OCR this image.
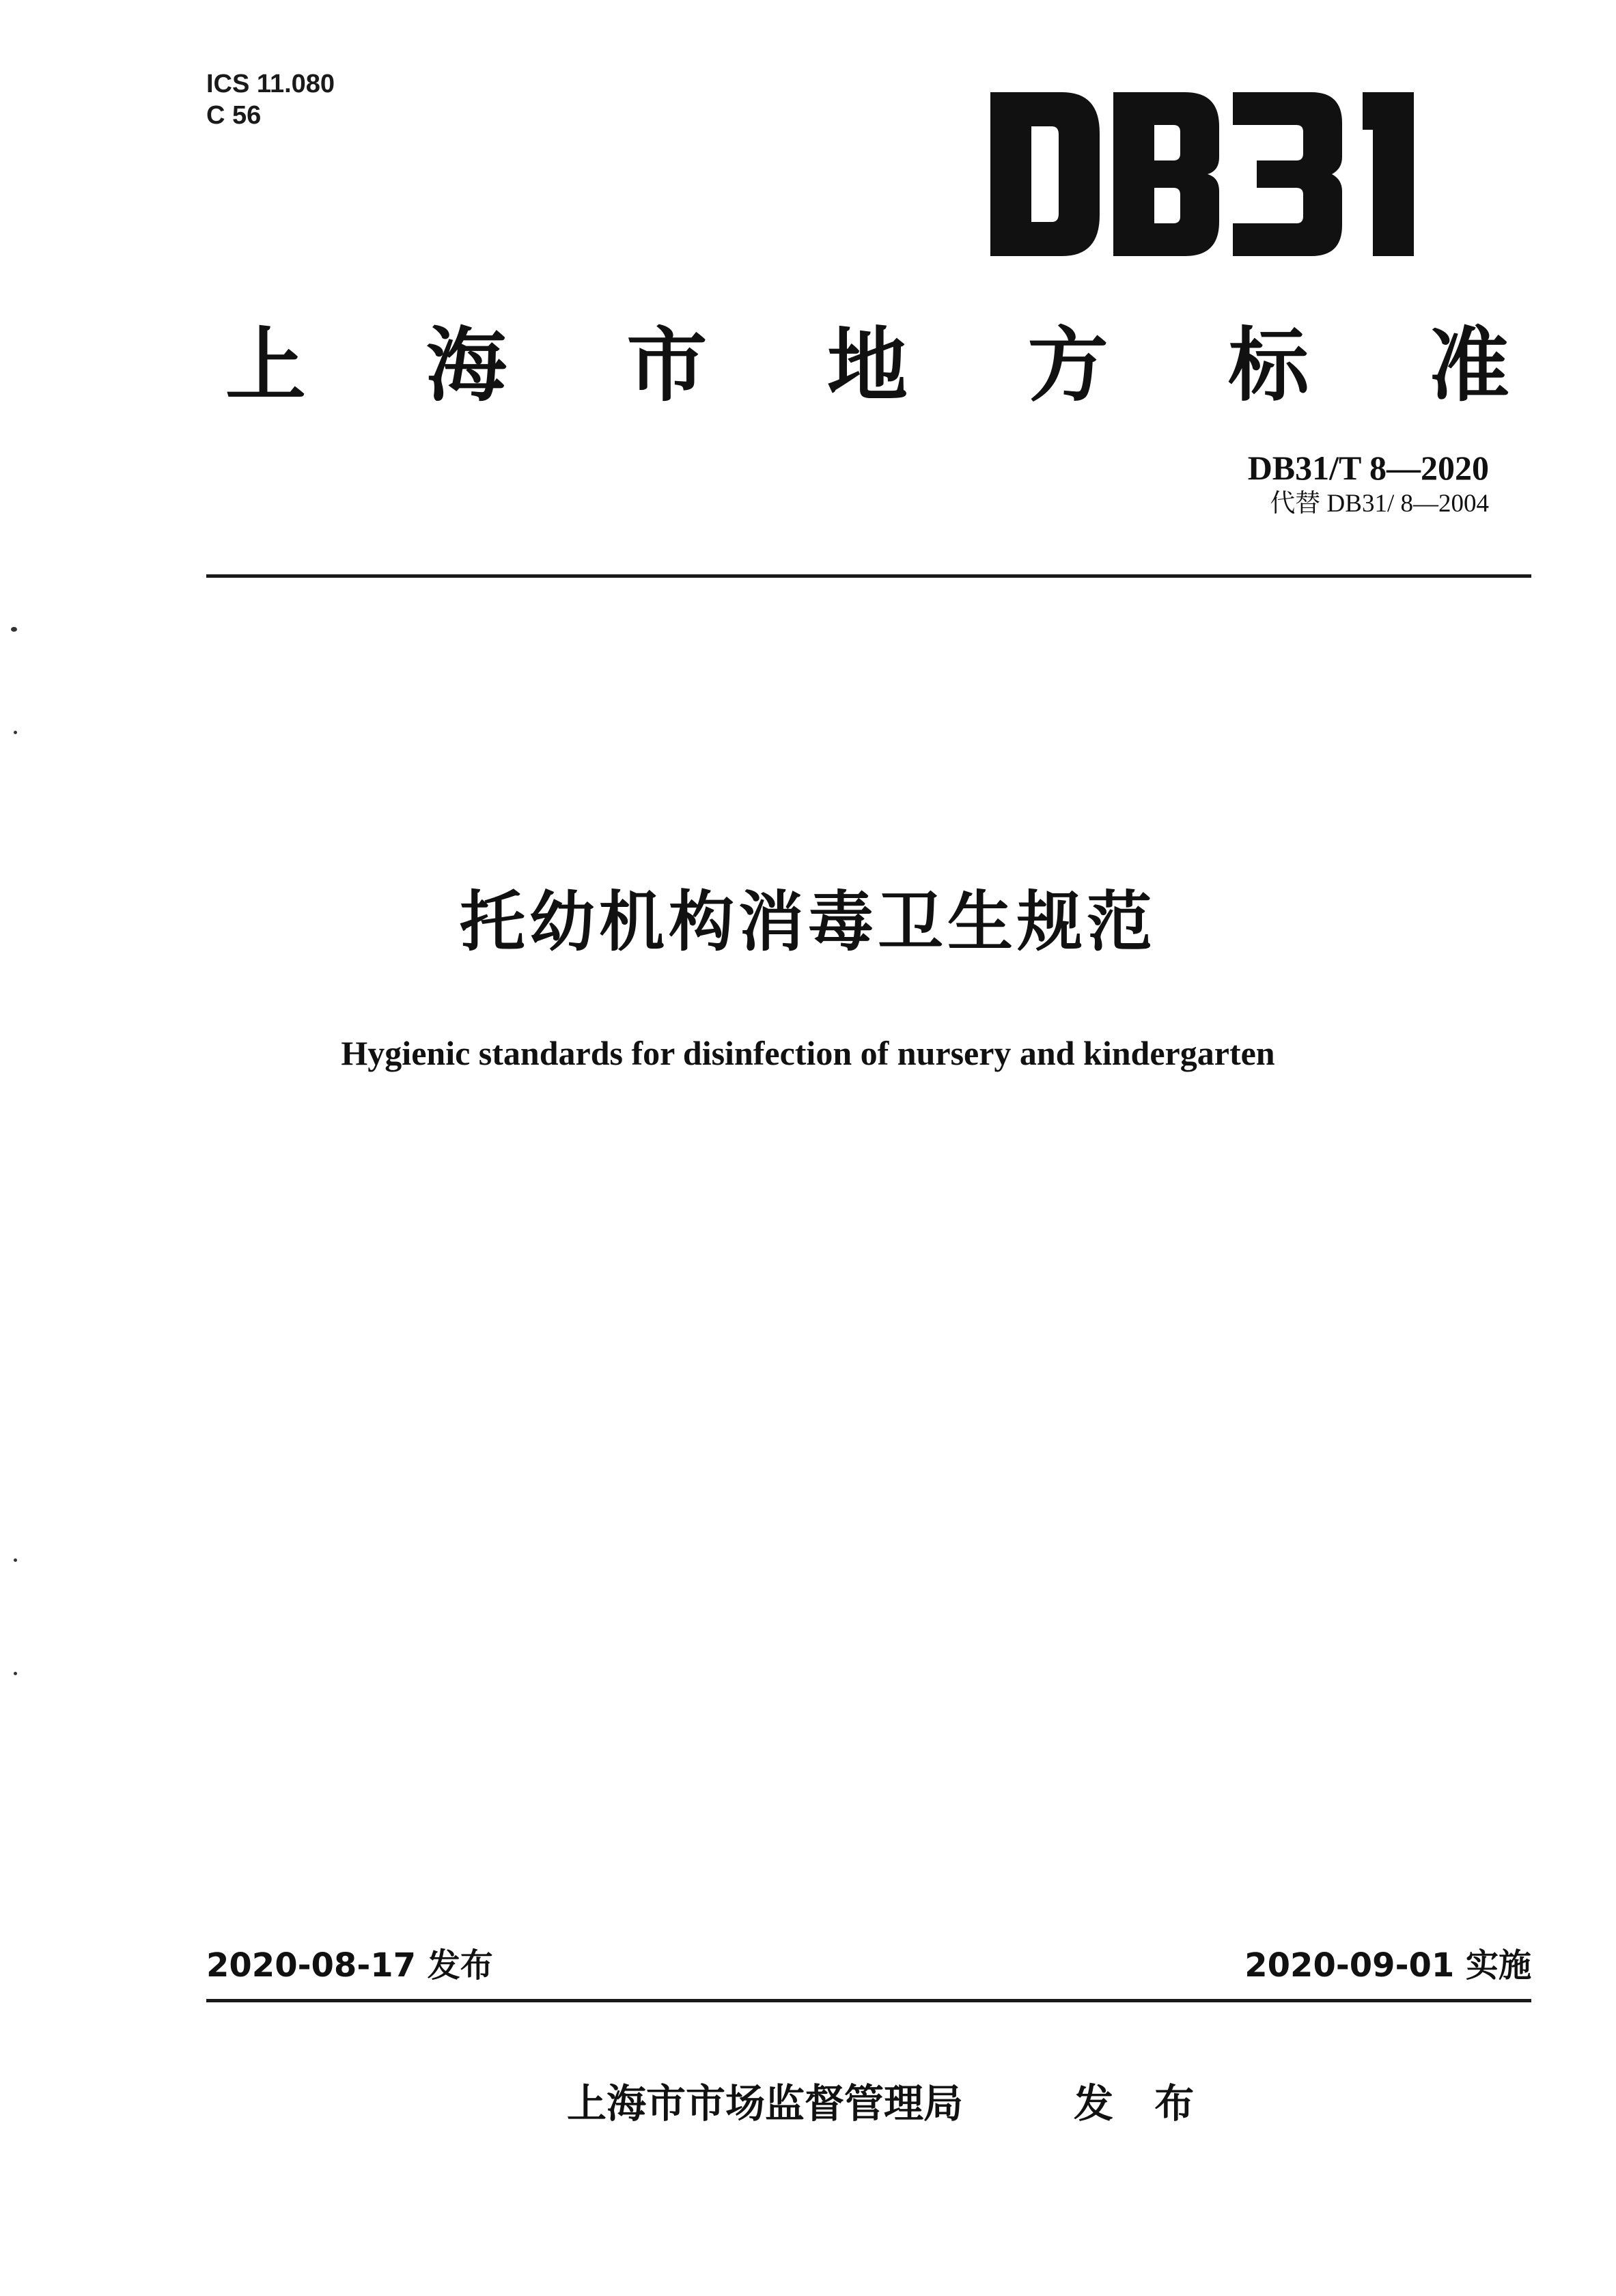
ICS 11.080
C 56
上 海 市 地 方 标 准
DB31/T 8—2020
代替 DB31/ 8—2004
托幼机构消毒卫生规范
Hygienic standards for disinfection of nursery and kindergarten
2020-08-17 发布	2020-09-01 实施
上海市市场监督管理局	发 布
